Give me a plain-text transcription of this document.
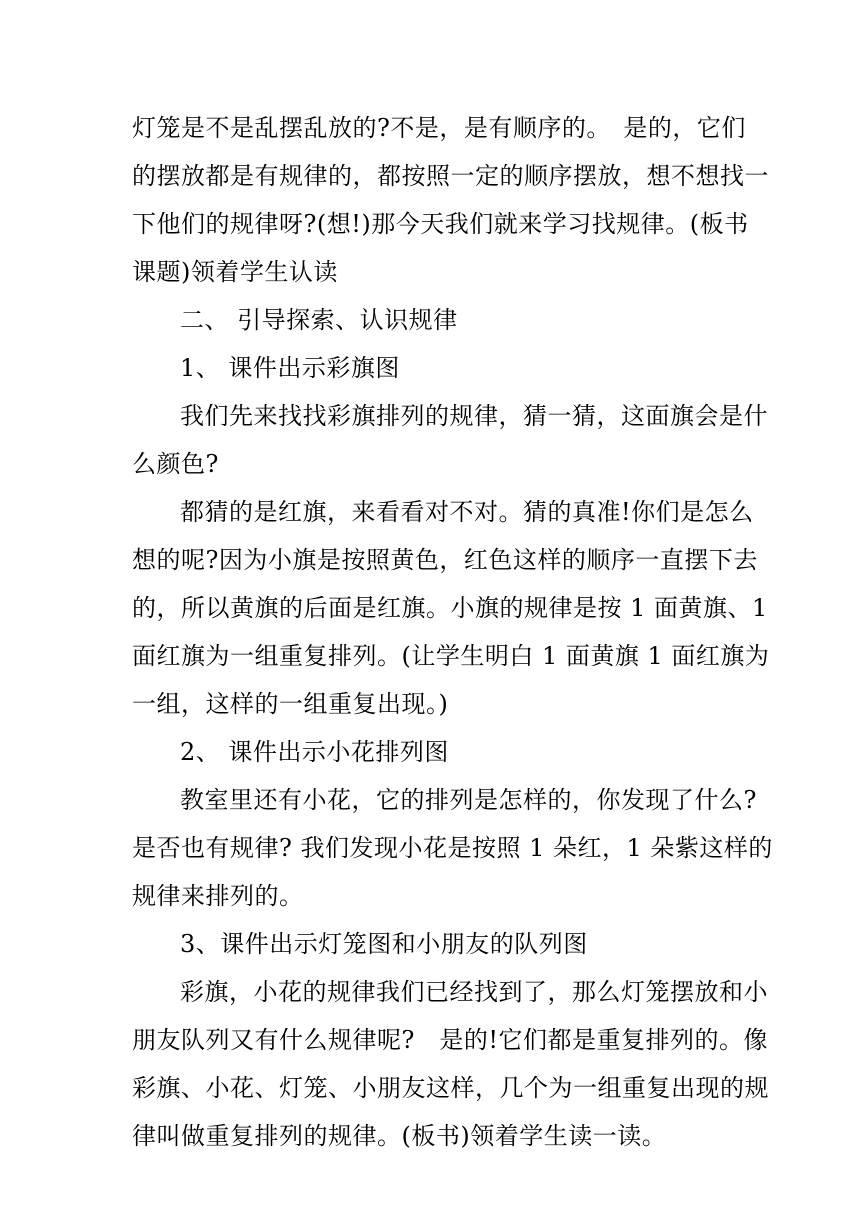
灯笼是不是乱摆乱放的?不是，是有顺序的。　是的，它们
的摆放都是有规律的，都按照一定的顺序摆放，想不想找一
下他们的规律呀?(想!)那今天我们就来学习找规律。(板书
课题)领着学生认读
二、 引导探索、认识规律
1、 课件出示彩旗图
我们先来找找彩旗排列的规律，猜一猜，这面旗会是什
么颜色?
都猜的是红旗，来看看对不对。猜的真准!你们是怎么
想的呢?因为小旗是按照黄色，红色这样的顺序一直摆下去
的，所以黄旗的后面是红旗。小旗的规律是按 1 面黄旗、1
面红旗为一组重复排列。(让学生明白 1 面黄旗 1 面红旗为
一组，这样的一组重复出现。)
2、 课件出示小花排列图
教室里还有小花，它的排列是怎样的，你发现了什么?
是否也有规律? 我们发现小花是按照 1 朵红，1 朵紫这样的
规律来排列的。
3、课件出示灯笼图和小朋友的队列图
彩旗，小花的规律我们已经找到了，那么灯笼摆放和小
朋友队列又有什么规律呢?　是的!它们都是重复排列的。像
彩旗、小花、灯笼、小朋友这样，几个为一组重复出现的规
律叫做重复排列的规律。(板书)领着学生读一读。
